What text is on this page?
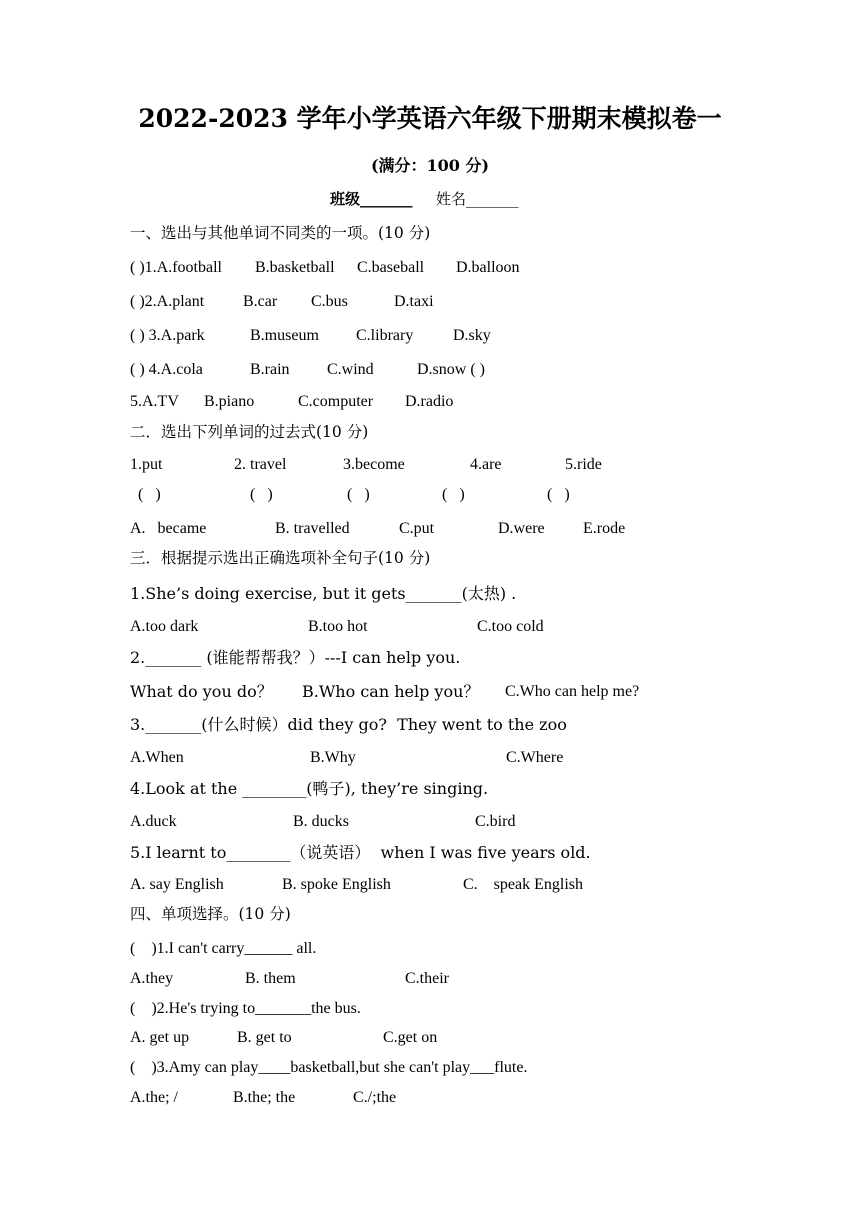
2022-2023 学年小学英语六年级下册期末模拟卷一
(满分：100 分)
班级_______ 姓名_______
一、选出与其他单词不同类的一项。(10 分)
( )1.A.football B.basketball C.baseball D.balloon
( )2.A.plant B.car C.bus	D.taxi
( ) 3.A.park	B.museum C.library D.sky
( ) 4.A.cola	B.rain C.wind	D.snow ( )
5.A.TV B.piano	C.computer D.radio
二．选出下列单词的过去式(10 分)
1.put	2. travel	3.become	4.are	5.ride
(   )	(   )	(   )	(   )	(   )
A.   became	B. travelled	C.put	D.were E.rode
三．根据提示选出正确选项补全句子(10 分)
1.She’s doing exercise, but it gets_______(太热) .
A.too dark	B.too hot	C.too cold
2._______ (谁能帮帮我？）---I can help you.
What do you do？ B.Who can help you？ C.Who can help me?
3._______(什么时候）did they go?  They went to the zoo
A.When	B.Why	C.Where
4.Look at the ________(鸭子), they’re singing.
A.duck	B. ducks	C.bird
5.I learnt to________（说英语）  when I was five years old.
A. say English	B. spoke English	C.    speak English
四、单项选择。(10 分)
(    )1.I can't carry______ all.
A.they	B. them	C.their
(    )2.He's trying to_______the bus.
A. get up	B. get to	C.get on
(    )3.Amy can play____basketball,but she can't play___flute.
A.the; /	B.the; the	C./;the
